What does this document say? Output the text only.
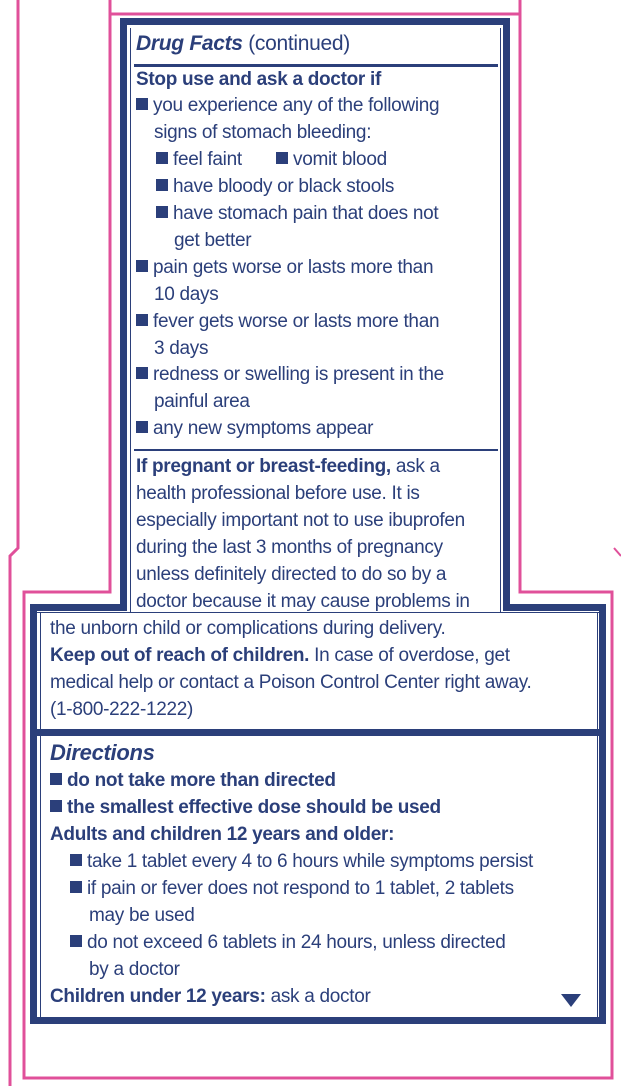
Drug Facts (continued)
Stop use and ask a doctor if
you experience any of the following
signs of stomach bleeding:
feel faint	vomit blood
have bloody or black stools
have stomach pain that does not
get better
pain gets worse or lasts more than
10 days
fever gets worse or lasts more than
3 days
redness or swelling is present in the
painful area
any new symptoms appear
If pregnant or breast-feeding, ask a
health professional before use. It is
especially important not to use ibuprofen
during the last 3 months of pregnancy
unless definitely directed to do so by a
doctor because it may cause problems in
the unborn child or complications during delivery.
Keep out of reach of children. In case of overdose, get
medical help or contact a Poison Control Center right away.
(1-800-222-1222)
Directions
do not take more than directed
the smallest effective dose should be used
Adults and children 12 years and older:
take 1 tablet every 4 to 6 hours while symptoms persist
if pain or fever does not respond to 1 tablet, 2 tablets
may be used
do not exceed 6 tablets in 24 hours, unless directed
by a doctor
Children under 12 years: ask a doctor
